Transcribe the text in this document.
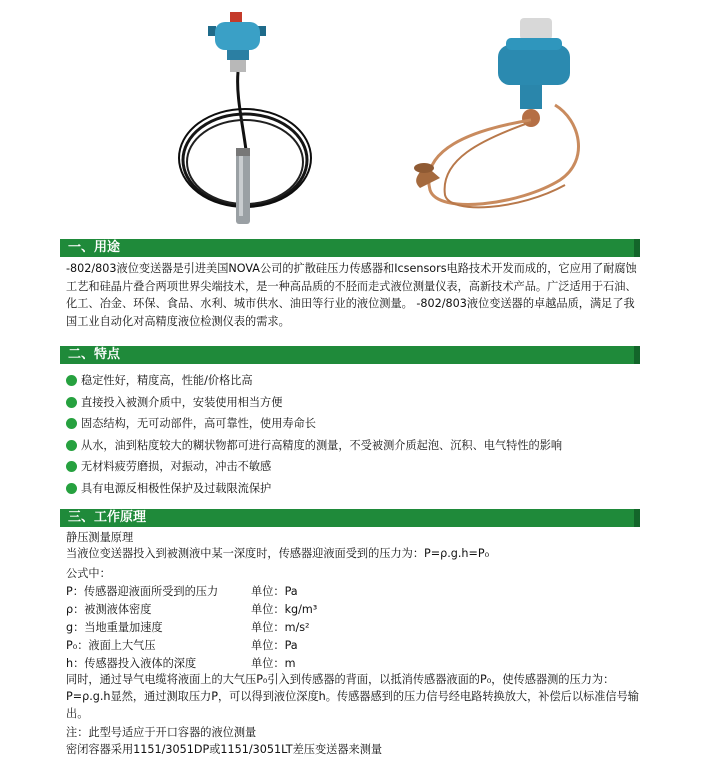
一、用途
-802/803液位变送器是引进美国NOVA公司的扩散硅压力传感器和Icsensors电路技术开发而成的，它应用了耐腐蚀工艺和硅晶片叠合两项世界尖端技术，是一种高品质的不胫而走式液位测量仪表，高新技术产品。广泛适用于石油、化工、冶金、环保、食品、水利、城市供水、油田等行业的液位测量。 -802/803液位变送器的卓越品质，满足了我国工业自动化对高精度液位检测仪表的需求。
二、特点
稳定性好，精度高，性能/价格比高
直接投入被测介质中，安装使用相当方便
固态结构，无可动部件，高可靠性，使用寿命长
从水，油到粘度较大的糊状物都可进行高精度的测量，不受被测介质起泡、沉积、电气特性的影响
无材料疲劳磨损，对振动，冲击不敏感
具有电源反相极性保护及过载限流保护
三、工作原理
静压测量原理
当液位变送器投入到被测液中某一深度时，传感器迎液面受到的压力为：P=ρ.g.h=P₀
公式中：
P：传感器迎液面所受到的压力	单位：Pa
ρ：被测液体密度	单位：kg/m³
g：当地重量加速度	单位：m/s²
P₀：液面上大气压	单位：Pa
h：传感器投入液体的深度	单位：m
同时，通过导气电缆将液面上的大气压P₀引入到传感器的背面，以抵消传感器液面的P₀，使传感器测的压力为：P=ρ.g.h显然，通过测取压力P，可以得到液位深度h。传感器感到的压力信号经电路转换放大，补偿后以标准信号输出。
注：此型号适应于开口容器的液位测量
密闭容器采用1151/3051DP或1151/3051LT差压变送器来测量
